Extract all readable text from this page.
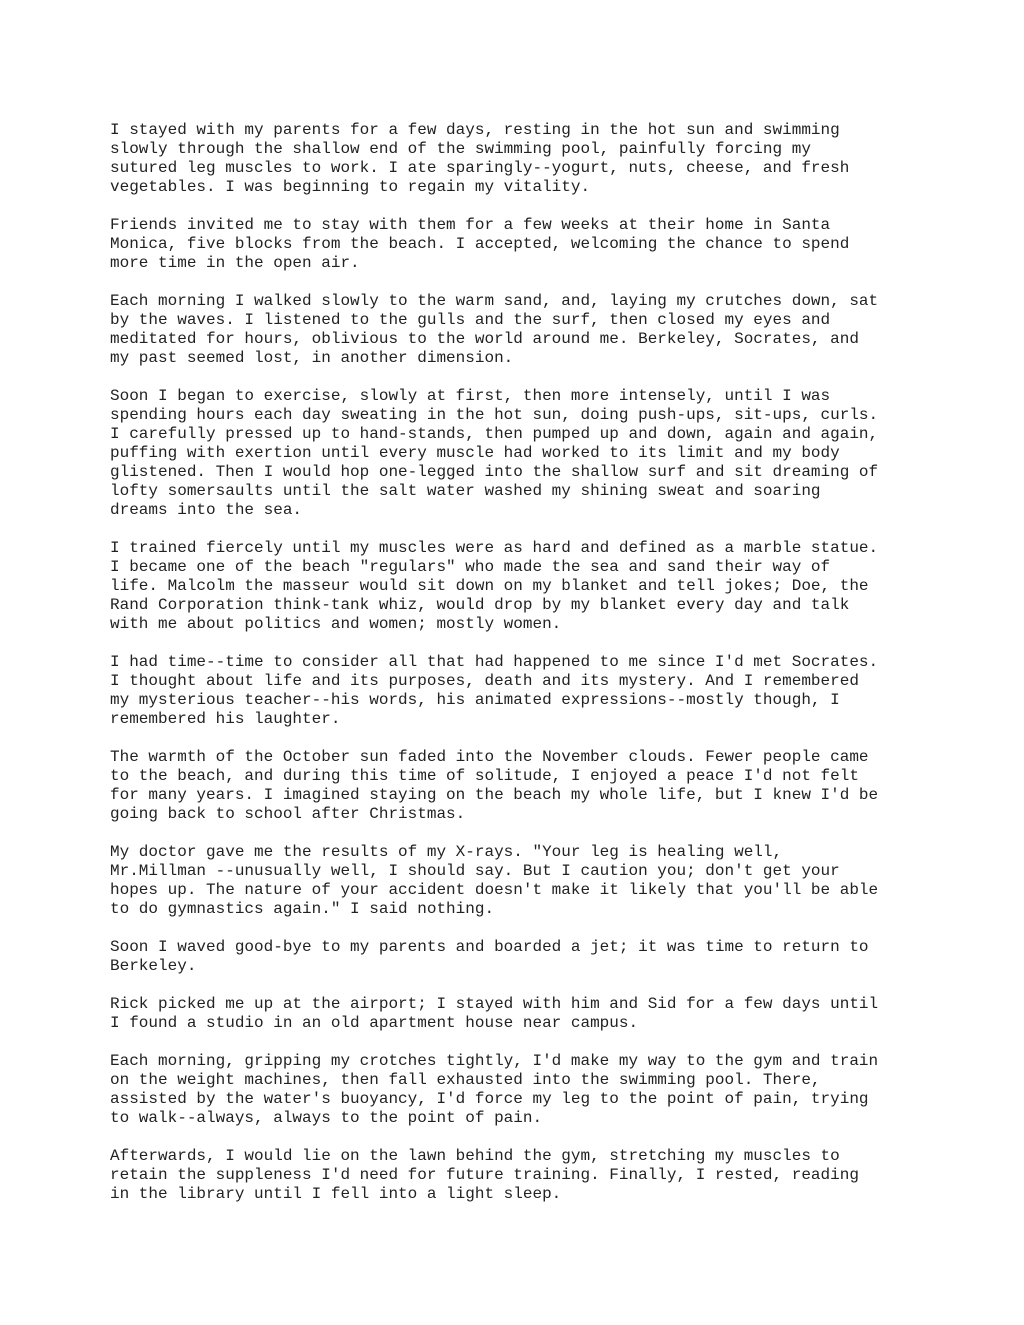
I stayed with my parents for a few days, resting in the hot sun and swimming
slowly through the shallow end of the swimming pool, painfully forcing my
sutured leg muscles to work. I ate sparingly--yogurt, nuts, cheese, and fresh
vegetables. I was beginning to regain my vitality.
Friends invited me to stay with them for a few weeks at their home in Santa
Monica, five blocks from the beach. I accepted, welcoming the chance to spend
more time in the open air.
Each morning I walked slowly to the warm sand, and, laying my crutches down, sat
by the waves. I listened to the gulls and the surf, then closed my eyes and
meditated for hours, oblivious to the world around me. Berkeley, Socrates, and
my past seemed lost, in another dimension.
Soon I began to exercise, slowly at first, then more intensely, until I was
spending hours each day sweating in the hot sun, doing push-ups, sit-ups, curls.
I carefully pressed up to hand-stands, then pumped up and down, again and again,
puffing with exertion until every muscle had worked to its limit and my body
glistened. Then I would hop one-legged into the shallow surf and sit dreaming of
lofty somersaults until the salt water washed my shining sweat and soaring
dreams into the sea.
I trained fiercely until my muscles were as hard and defined as a marble statue.
I became one of the beach "regulars" who made the sea and sand their way of
life. Malcolm the masseur would sit down on my blanket and tell jokes; Doe, the
Rand Corporation think-tank whiz, would drop by my blanket every day and talk
with me about politics and women; mostly women.
I had time--time to consider all that had happened to me since I'd met Socrates.
I thought about life and its purposes, death and its mystery. And I remembered
my mysterious teacher--his words, his animated expressions--mostly though, I
remembered his laughter.
The warmth of the October sun faded into the November clouds. Fewer people came
to the beach, and during this time of solitude, I enjoyed a peace I'd not felt
for many years. I imagined staying on the beach my whole life, but I knew I'd be
going back to school after Christmas.
My doctor gave me the results of my X-rays. "Your leg is healing well,
Mr.Millman --unusually well, I should say. But I caution you; don't get your
hopes up. The nature of your accident doesn't make it likely that you'll be able
to do gymnastics again." I said nothing.
Soon I waved good-bye to my parents and boarded a jet; it was time to return to
Berkeley.
Rick picked me up at the airport; I stayed with him and Sid for a few days until
I found a studio in an old apartment house near campus.
Each morning, gripping my crotches tightly, I'd make my way to the gym and train
on the weight machines, then fall exhausted into the swimming pool. There,
assisted by the water's buoyancy, I'd force my leg to the point of pain, trying
to walk--always, always to the point of pain.
Afterwards, I would lie on the lawn behind the gym, stretching my muscles to
retain the suppleness I'd need for future training. Finally, I rested, reading
in the library until I fell into a light sleep.
